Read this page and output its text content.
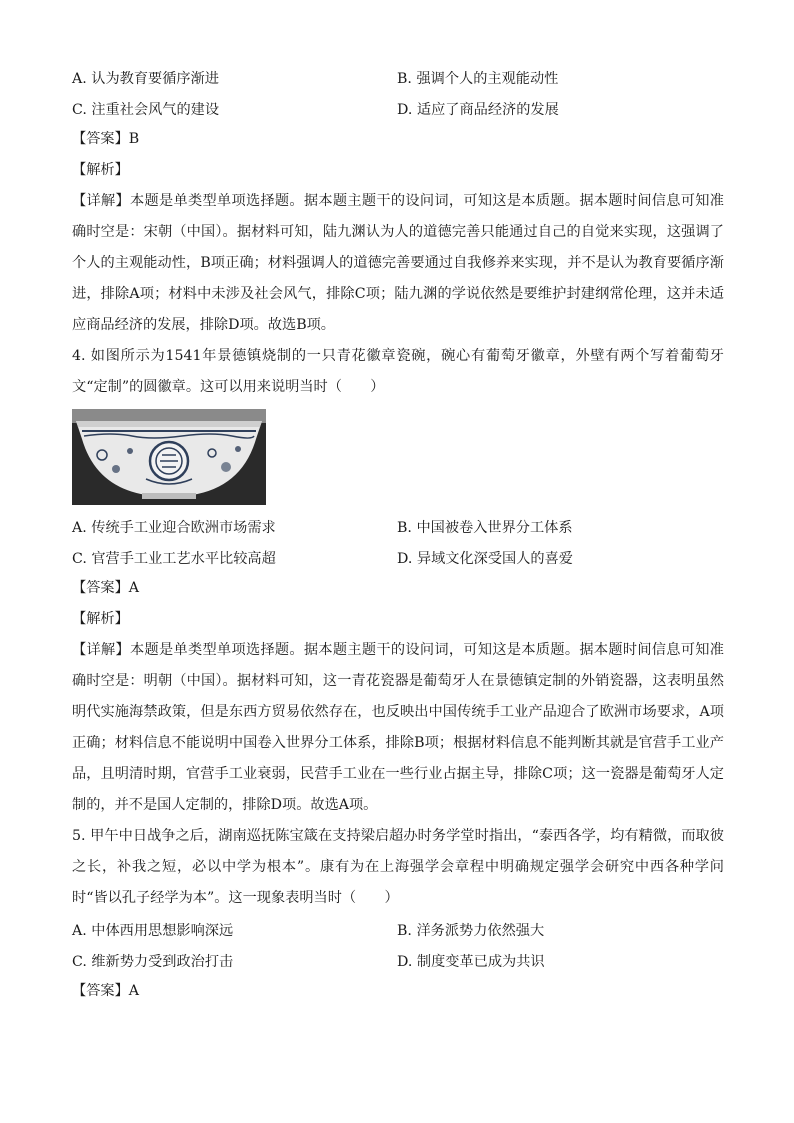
A. 认为教育要循序渐进	B. 强调个人的主观能动性
C. 注重社会风气的建设	D. 适应了商品经济的发展
【答案】B
【解析】
【详解】本题是单类型单项选择题。据本题主题干的设问词，可知这是本质题。据本题时间信息可知准确时空是：宋朝（中国）。据材料可知，陆九渊认为人的道德完善只能通过自己的自觉来实现，这强调了个人的主观能动性，B项正确；材料强调人的道德完善要通过自我修养来实现，并不是认为教育要循序渐进，排除A项；材料中未涉及社会风气，排除C项；陆九渊的学说依然是要维护封建纲常伦理，这并未适应商品经济的发展，排除D项。故选B项。
4. 如图所示为1541年景德镇烧制的一只青花徽章瓷碗，碗心有葡萄牙徽章，外壁有两个写着葡萄牙文“定制”的圆徽章。这可以用来说明当时（　　）
A. 传统手工业迎合欧洲市场需求	B. 中国被卷入世界分工体系
C. 官营手工业工艺水平比较高超	D. 异域文化深受国人的喜爱
【答案】A
【解析】
【详解】本题是单类型单项选择题。据本题主题干的设问词，可知这是本质题。据本题时间信息可知准确时空是：明朝（中国）。据材料可知，这一青花瓷器是葡萄牙人在景德镇定制的外销瓷器，这表明虽然明代实施海禁政策，但是东西方贸易依然存在，也反映出中国传统手工业产品迎合了欧洲市场要求，A项正确；材料信息不能说明中国卷入世界分工体系，排除B项；根据材料信息不能判断其就是官营手工业产品，且明清时期，官营手工业衰弱，民营手工业在一些行业占据主导，排除C项；这一瓷器是葡萄牙人定制的，并不是国人定制的，排除D项。故选A项。
5. 甲午中日战争之后，湖南巡抚陈宝箴在支持梁启超办时务学堂时指出，“泰西各学，均有精微，而取彼之长，补我之短，必以中学为根本”。康有为在上海强学会章程中明确规定强学会研究中西各种学问时“皆以孔子经学为本”。这一现象表明当时（　　）
A. 中体西用思想影响深远	B. 洋务派势力依然强大
C. 维新势力受到政治打击	D. 制度变革已成为共识
【答案】A
